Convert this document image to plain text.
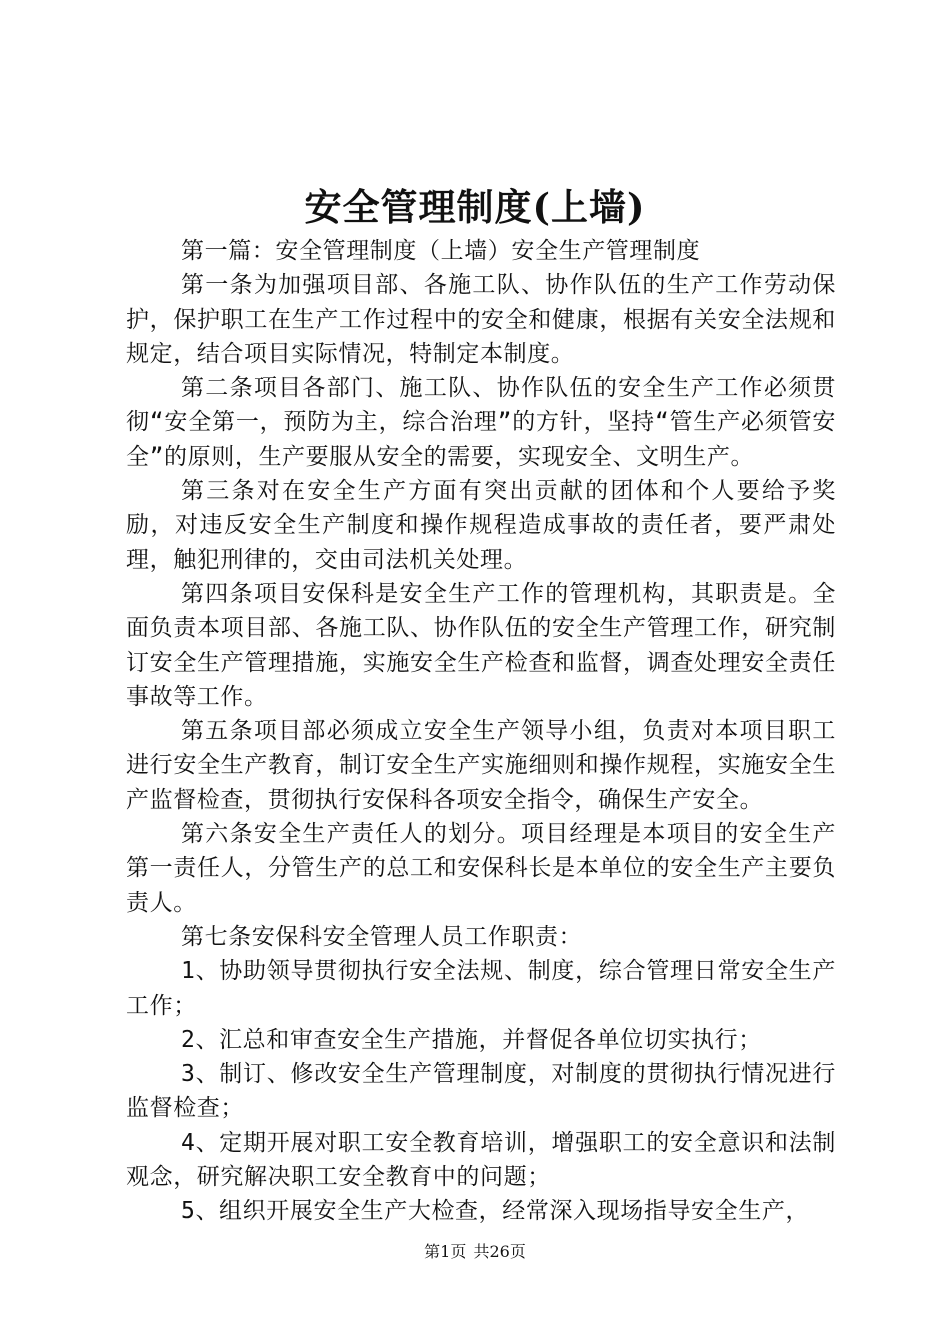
安全管理制度(上墙)

第一篇：安全管理制度（上墙）安全生产管理制度

第一条为加强项目部、各施工队、协作队伍的生产工作劳动保护，保护职工在生产工作过程中的安全和健康，根据有关安全法规和规定，结合项目实际情况，特制定本制度。

第二条项目各部门、施工队、协作队伍的安全生产工作必须贯彻“安全第一，预防为主，综合治理”的方针，坚持“管生产必须管安全”的原则，生产要服从安全的需要，实现安全、文明生产。

第三条对在安全生产方面有突出贡献的团体和个人要给予奖励，对违反安全生产制度和操作规程造成事故的责任者，要严肃处理，触犯刑律的，交由司法机关处理。

第四条项目安保科是安全生产工作的管理机构，其职责是。全面负责本项目部、各施工队、协作队伍的安全生产管理工作，研究制订安全生产管理措施，实施安全生产检查和监督，调查处理安全责任事故等工作。

第五条项目部必须成立安全生产领导小组，负责对本项目职工进行安全生产教育，制订安全生产实施细则和操作规程，实施安全生产监督检查，贯彻执行安保科各项安全指令，确保生产安全。

第六条安全生产责任人的划分。项目经理是本项目的安全生产第一责任人，分管生产的总工和安保科长是本单位的安全生产主要负责人。

第七条安保科安全管理人员工作职责：

1、协助领导贯彻执行安全法规、制度，综合管理日常安全生产工作；

2、汇总和审查安全生产措施，并督促各单位切实执行；

3、制订、修改安全生产管理制度，对制度的贯彻执行情况进行监督检查；

4、定期开展对职工安全教育培训，增强职工的安全意识和法制观念，研究解决职工安全教育中的问题；

5、组织开展安全生产大检查，经常深入现场指导安全生产，

第1页 共26页
